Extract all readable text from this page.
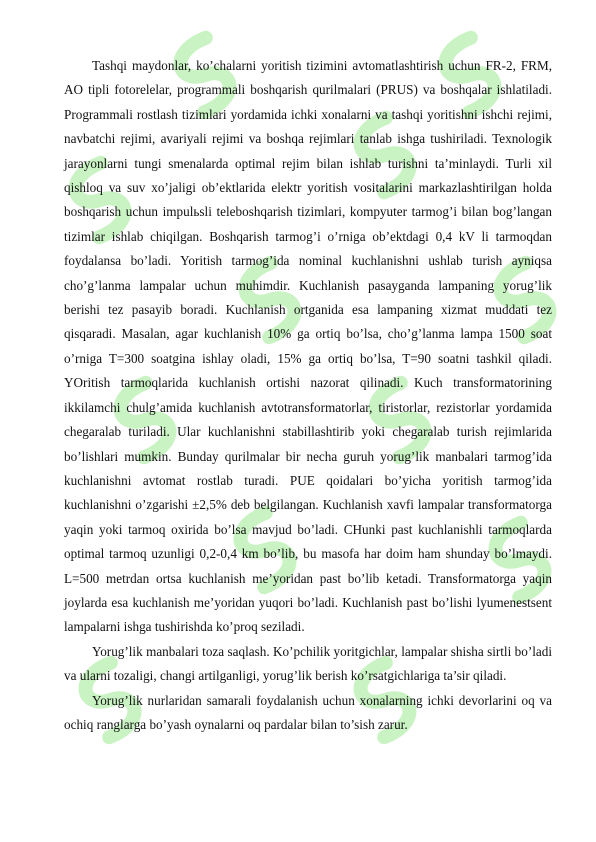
Tashqi maydonlar, ko’chalarni yoritish tizimini avtomatlashtirish uchun FR-2, FRM, AO tipli fotorelelar, programmali boshqarish qurilmalari (PRUS) va boshqalar ishlatiladi. Programmali rostlash tizimlari yordamida ichki xonalarni va tashqi yoritishni ishchi rejimi, navbatchi rejimi, avariyali rejimi va boshqa rejimlari tanlab ishga tushiriladi. Texnologik jarayonlarni tungi smenalarda optimal rejim bilan ishlab turishni ta’minlaydi. Turli xil qishloq va suv xo’jaligi ob’ektlarida elektr yoritish vositalarini markazlashtirilgan holda boshqarish uchun impulьsli teleboshqarish tizimlari, kompyuter tarmog’i bilan bog’langan tizimlar ishlab chiqilgan. Boshqarish tarmog’i o’rniga ob’ektdagi 0,4 kV li tarmoqdan foydalansa bo’ladi. Yoritish tarmog’ida nominal kuchlanishni ushlab turish ayniqsa cho’g’lanma lampalar uchun muhimdir. Kuchlanish pasayganda lampaning yorug’lik berishi tez pasayib boradi. Kuchlanish ortganida esa lampaning xizmat muddati tez qisqaradi. Masalan, agar kuchlanish 10% ga ortiq bo’lsa, cho’g’lanma lampa 1500 soat o’rniga T=300 soatgina ishlay oladi, 15% ga ortiq bo’lsa, T=90 soatni tashkil qiladi. YOritish tarmoqlarida kuchlanish ortishi nazorat qilinadi. Kuch transformatorining ikkilamchi chulg’amida kuchlanish avtotransformatorlar, tiristorlar, rezistorlar yordamida chegaralab turiladi. Ular kuchlanishni stabillashtirib yoki chegaralab turish rejimlarida bo’lishlari mumkin. Bunday qurilmalar bir necha guruh yorug’lik manbalari tarmog’ida kuchlanishni avtomat rostlab turadi. PUE qoidalari bo’yicha yoritish tarmog’ida kuchlanishni o’zgarishi ±2,5% deb belgilangan. Kuchlanish xavfi lampalar transformatorga yaqin yoki tarmoq oxirida bo’lsa mavjud bo’ladi. CHunki past kuchlanishli tarmoqlarda optimal tarmoq uzunligi 0,2-0,4 km bo’lib, bu masofa har doim ham shunday bo’lmaydi. L=500 metrdan ortsa kuchlanish me’yoridan past bo’lib ketadi. Transformatorga yaqin joylarda esa kuchlanish me’yoridan yuqori bo’ladi. Kuchlanish past bo’lishi lyumenestsent lampalarni ishga tushirishda ko’proq seziladi.

Yorug’lik manbalari toza saqlash. Ko’pchilik yoritgichlar, lampalar shisha sirtli bo’ladi va ularni tozaligi, changi artilganligi, yorug’lik berish ko’rsatgichlariga ta’sir qiladi.

Yorug’lik nurlaridan samarali foydalanish uchun xonalarning ichki devorlarini oq va ochiq ranglarga bo’yash oynalarni oq pardalar bilan to’sish zarur.
